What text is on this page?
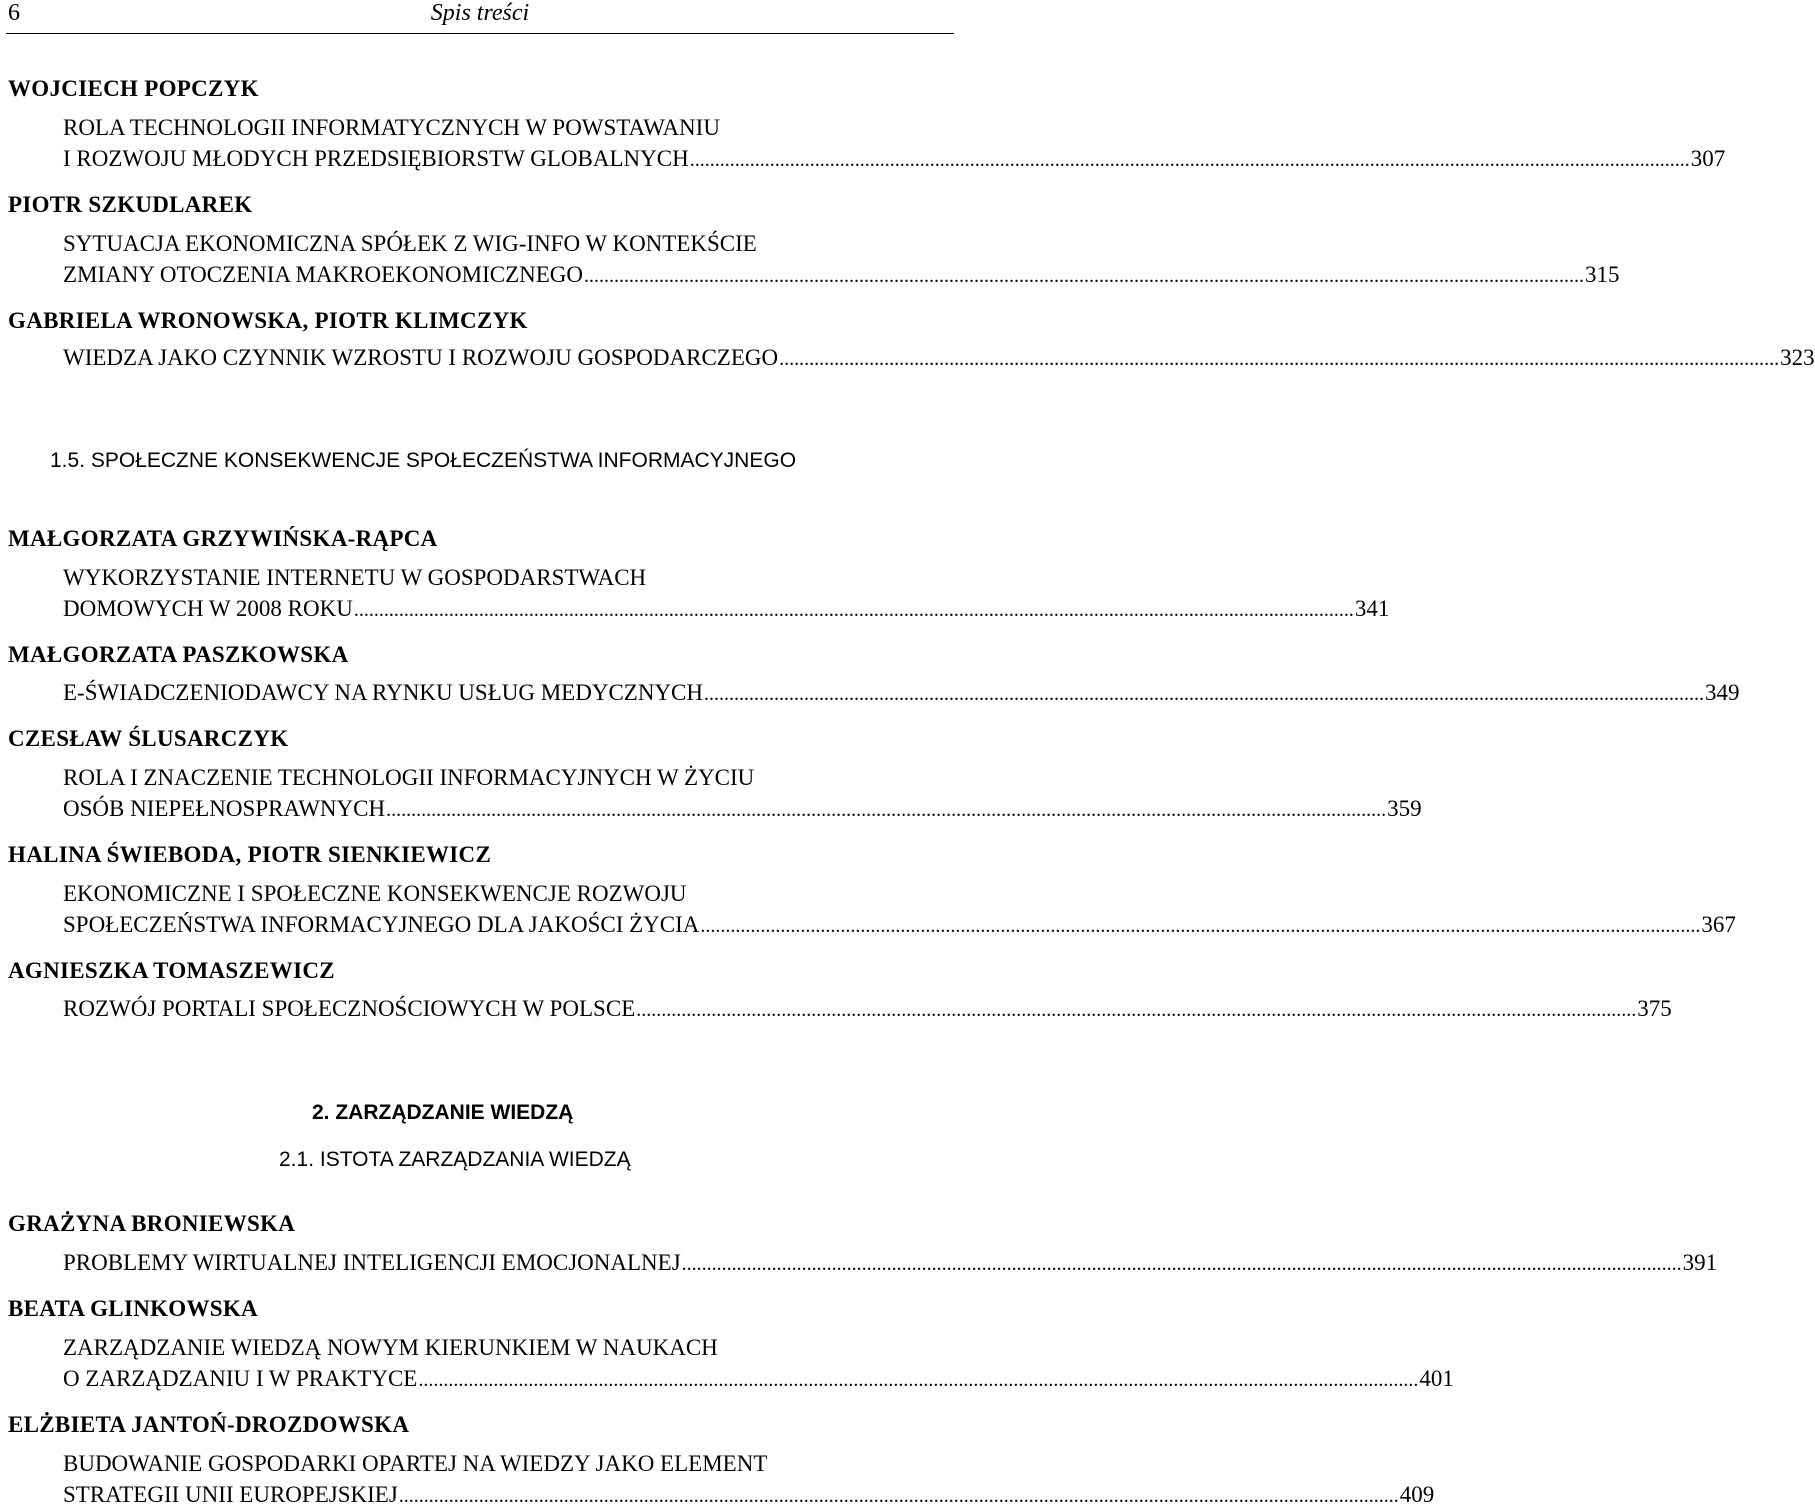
6	Spis treści
WOJCIECH POPCZYK
ROLA TECHNOLOGII INFORMATYCZNYCH W POWSTAWANIU
I ROZWOJU MŁODYCH PRZEDSIĘBIORSTW GLOBALNYCH ........................................................................................................................................................................................................ 307
PIOTR SZKUDLAREK
SYTUACJA EKONOMICZNA SPÓŁEK Z WIG-INFO W KONTEKŚCIE
ZMIANY OTOCZENIA MAKROEKONOMICZNEGO ........................................................................................................................................................................................................ 315
GABRIELA WRONOWSKA, PIOTR KLIMCZYK
WIEDZA JAKO CZYNNIK WZROSTU I ROZWOJU GOSPODARCZEGO ........................................................................................................................................................................................................ 323
1.5. SPOŁECZNE KONSEKWENCJE SPOŁECZEŃSTWA INFORMACYJNEGO
MAŁGORZATA GRZYWIŃSKA-RĄPCA
WYKORZYSTANIE INTERNETU W GOSPODARSTWACH
DOMOWYCH W 2008 ROKU ........................................................................................................................................................................................................ 341
MAŁGORZATA PASZKOWSKA
E-ŚWIADCZENIODAWCY NA RYNKU USŁUG MEDYCZNYCH ........................................................................................................................................................................................................ 349
CZESŁAW ŚLUSARCZYK
ROLA I ZNACZENIE TECHNOLOGII INFORMACYJNYCH W ŻYCIU
OSÓB NIEPEŁNOSPRAWNYCH ........................................................................................................................................................................................................ 359
HALINA ŚWIEBODA, PIOTR SIENKIEWICZ
EKONOMICZNE I SPOŁECZNE KONSEKWENCJE ROZWOJU
SPOŁECZEŃSTWA INFORMACYJNEGO DLA JAKOŚCI ŻYCIA ........................................................................................................................................................................................................ 367
AGNIESZKA TOMASZEWICZ
ROZWÓJ PORTALI SPOŁECZNOŚCIOWYCH W POLSCE ........................................................................................................................................................................................................ 375
2. ZARZĄDZANIE WIEDZĄ
2.1. ISTOTA ZARZĄDZANIA WIEDZĄ
GRAŻYNA BRONIEWSKA
PROBLEMY WIRTUALNEJ INTELIGENCJI EMOCJONALNEJ ........................................................................................................................................................................................................ 391
BEATA GLINKOWSKA
ZARZĄDZANIE WIEDZĄ NOWYM KIERUNKIEM W NAUKACH
O ZARZĄDZANIU I W PRAKTYCE ........................................................................................................................................................................................................ 401
ELŻBIETA JANTOŃ-DROZDOWSKA
BUDOWANIE GOSPODARKI OPARTEJ NA WIEDZY JAKO ELEMENT
STRATEGII UNII EUROPEJSKIEJ ........................................................................................................................................................................................................ 409
